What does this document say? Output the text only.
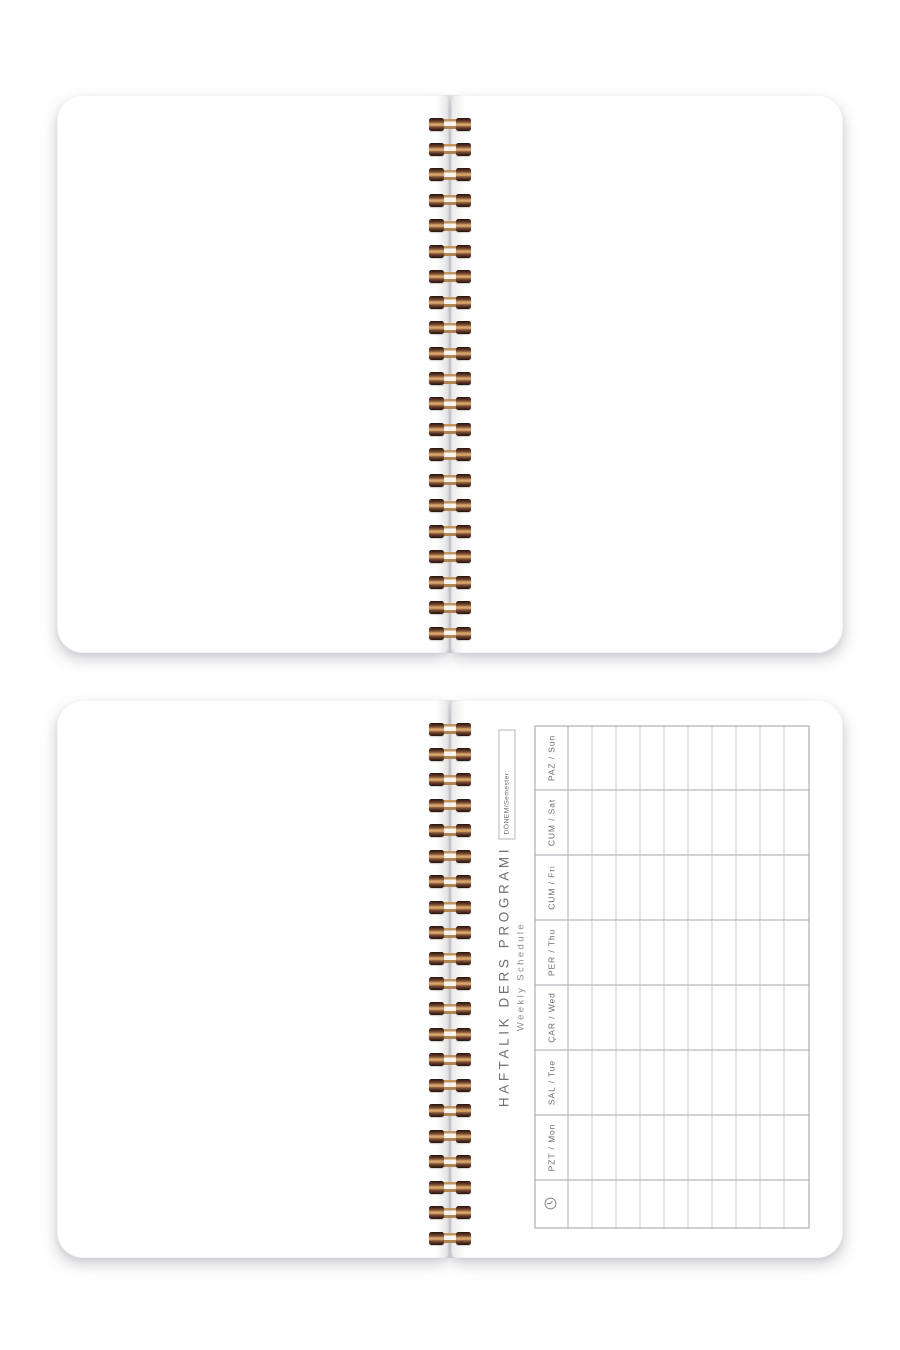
HAFTALIK DERS PROGRAMI Weekly Schedule
DÖNEM/Semester:
PZT / Mon
SAL / Tue
ÇAR / Wed
PER / Thu
CUM / Fri
CUM / Sat
PAZ / Sun
